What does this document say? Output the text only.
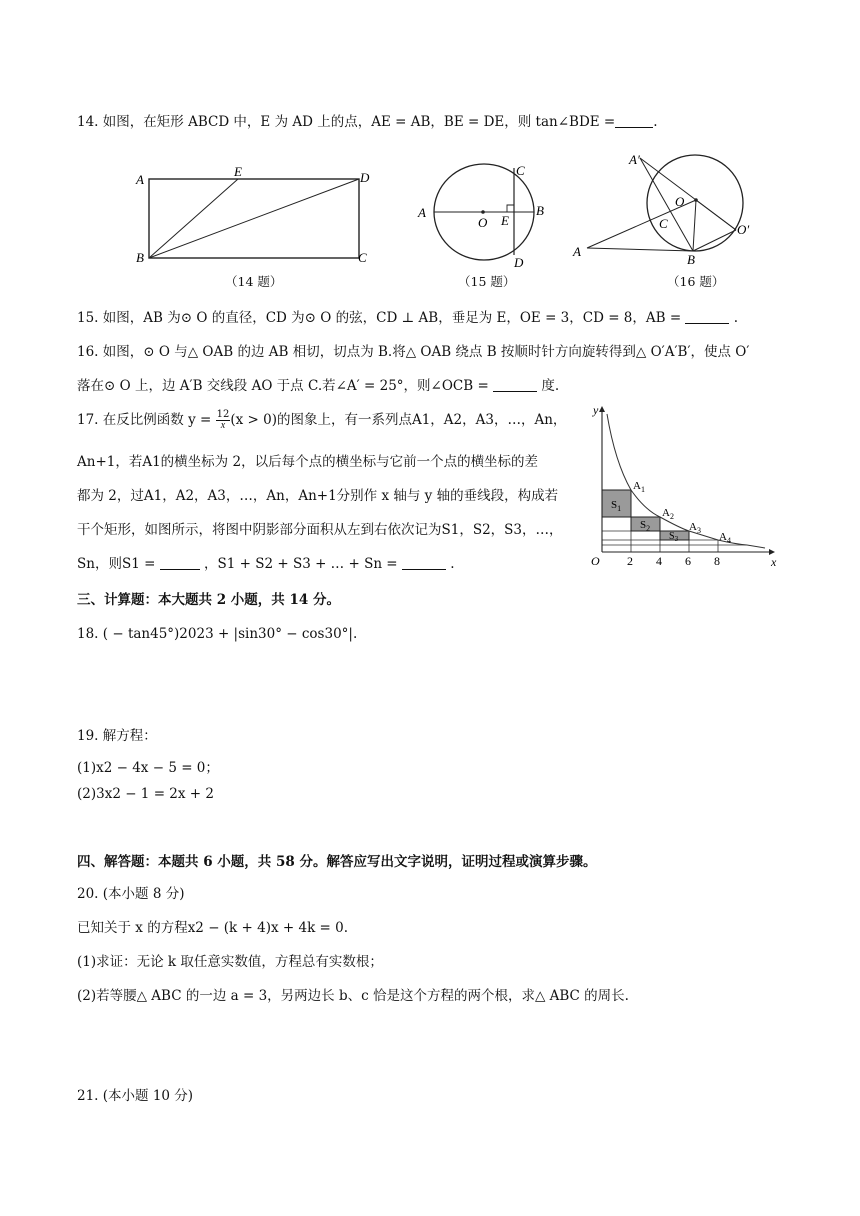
14. 如图，在矩形 ABCD 中，E 为 AD 上的点，AE = AB，BE = DE，则 tan∠BDE =	.
A
E	D
B	C
（14 题）
A
O E
B
C
D
（15 题）
A′
O
C	O′
A
B
（16 题）
15. 如图，AB 为⊙ O 的直径，CD 为⊙ O 的弦，CD ⊥ AB，垂足为 E，OE = 3，CD = 8，AB =	.
16. 如图，⊙ O 与△ OAB 的边 AB 相切，切点为 B.将△ OAB 绕点 B 按顺时针方向旋转得到△ O′A′B′，使点 O′
落在⊙ O 上，边 A′B 交线段 AO 于点 C.若∠A′ = 25°，则∠OCB =	度.
17. 在反比例函数 $y = \frac{12}{x} (x > 0)$的图象上，有一系列点A1，A2，A3，…，An，
An+1，若A1的横坐标为 2，以后每个点的横坐标与它前一个点的横坐标的差
都为 2，过A1，A2，A3，…，An，An+1分别作 x 轴与 y 轴的垂线段，构成若
干个矩形，如图所示，将图中阴影部分面积从左到右依次记为S1，S2，S3，…，
Sn，则S1 =	，S1 + S2 + S3 + … + Sn =	.
y
x
O 2 4 6 8
$A_1$
$A_2$
$A_3$
$A_4$
$S_1$
$S_2$
$S_3$
三、计算题：本大题共 2 小题，共 14 分。
18. ( − tan45°)2023 + |sin30° − cos30°|.
19. 解方程：
(1)x2 − 4x − 5 = 0；
(2)3x2 − 1 = 2x + 2
四、解答题：本题共 6 小题，共 58 分。解答应写出文字说明，证明过程或演算步骤。
20. (本小题 8 分)
已知关于 x 的方程x2 − (k + 4)x + 4k = 0.
(1)求证：无论 k 取任意实数值，方程总有实数根；
(2)若等腰△ ABC 的一边 a = 3，另两边长 b、c 恰是这个方程的两个根，求△ ABC 的周长.
21. (本小题 10 分)
